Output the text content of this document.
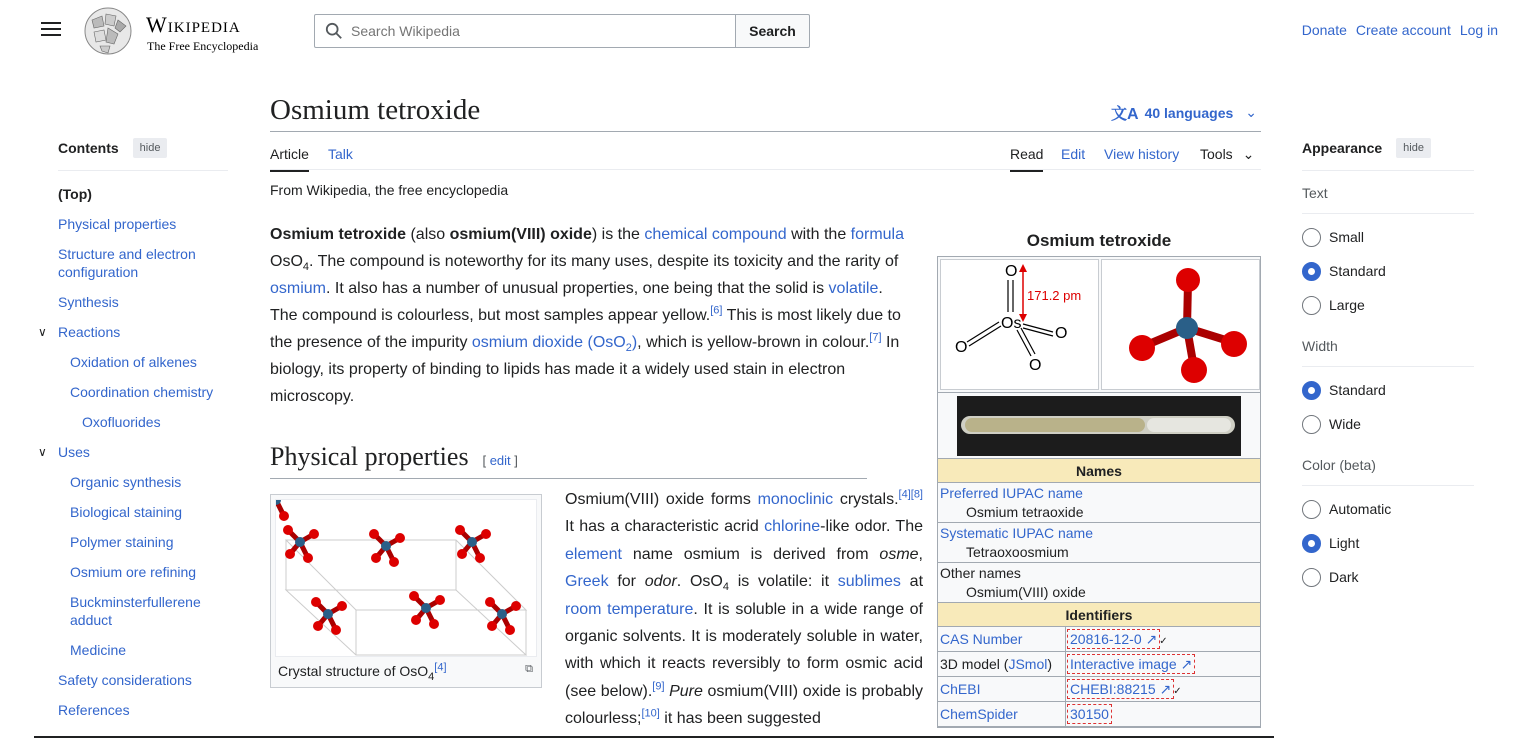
Wikipedia
The Free Encyclopedia
Search Wikipedia
Search	Donate Create account Log in
Contents	hide
(Top)
Physical properties
Structure and electron configuration
Synthesis
∨ Reactions
Oxidation of alkenes
Coordination chemistry
Oxofluorides
∨ Uses
Organic synthesis
Biological staining
Polymer staining
Osmium ore refining
Buckminsterfullerene adduct
Medicine
Safety considerations
References
Osmium tetroxide	文A 40 languages ⌄
Article Talk	Read Edit View history Tools ⌄
From Wikipedia, the free encyclopedia

Osmium tetroxide (also osmium(VIII) oxide) is the chemical compound with the formula OsO$_4$. The compound is noteworthy for its many uses, despite its toxicity and the rarity of osmium. It also has a number of unusual properties, one being that the solid is volatile. The compound is colourless, but most samples appear yellow.[6] This is most likely due to the presence of the impurity osmium dioxide (OsO$_2$), which is yellow-brown in colour.[7] In biology, its property of binding to lipids has made it a widely used stain in electron microscopy.

Physical properties [ edit ]
Crystal structure of OsO$_4$[4]	⧉

Osmium(VIII) oxide forms monoclinic crystals.[4][8] It has a characteristic acrid chlorine-like odor. The element name osmium is derived from osme, Greek for odor. OsO$_4$ is volatile: it sublimes at room temperature. It is soluble in a wide range of organic solvents. It is moderately soluble in water, with which it reacts reversibly to form osmic acid (see below).[9] Pure osmium(VIII) oxide is probably colourless;[10] it has been suggested

Osmium tetroxide
O
Os
O
O
O
171.2 pm
Names
Preferred IUPAC name
Osmium tetraoxide
Systematic IUPAC name
Tetraoxoosmium
Other names
Osmium(VIII) oxide
Identifiers
CAS Number	20816-12-0 ↗ ✓
3D model (JSmol)	Interactive image ↗
ChEBI	CHEBI:88215 ↗ ✓
ChemSpider	30150
Appearance	hide
Text
Small
Standard
Large
Width
Standard
Wide
Color (beta)
Automatic
Light
Dark
